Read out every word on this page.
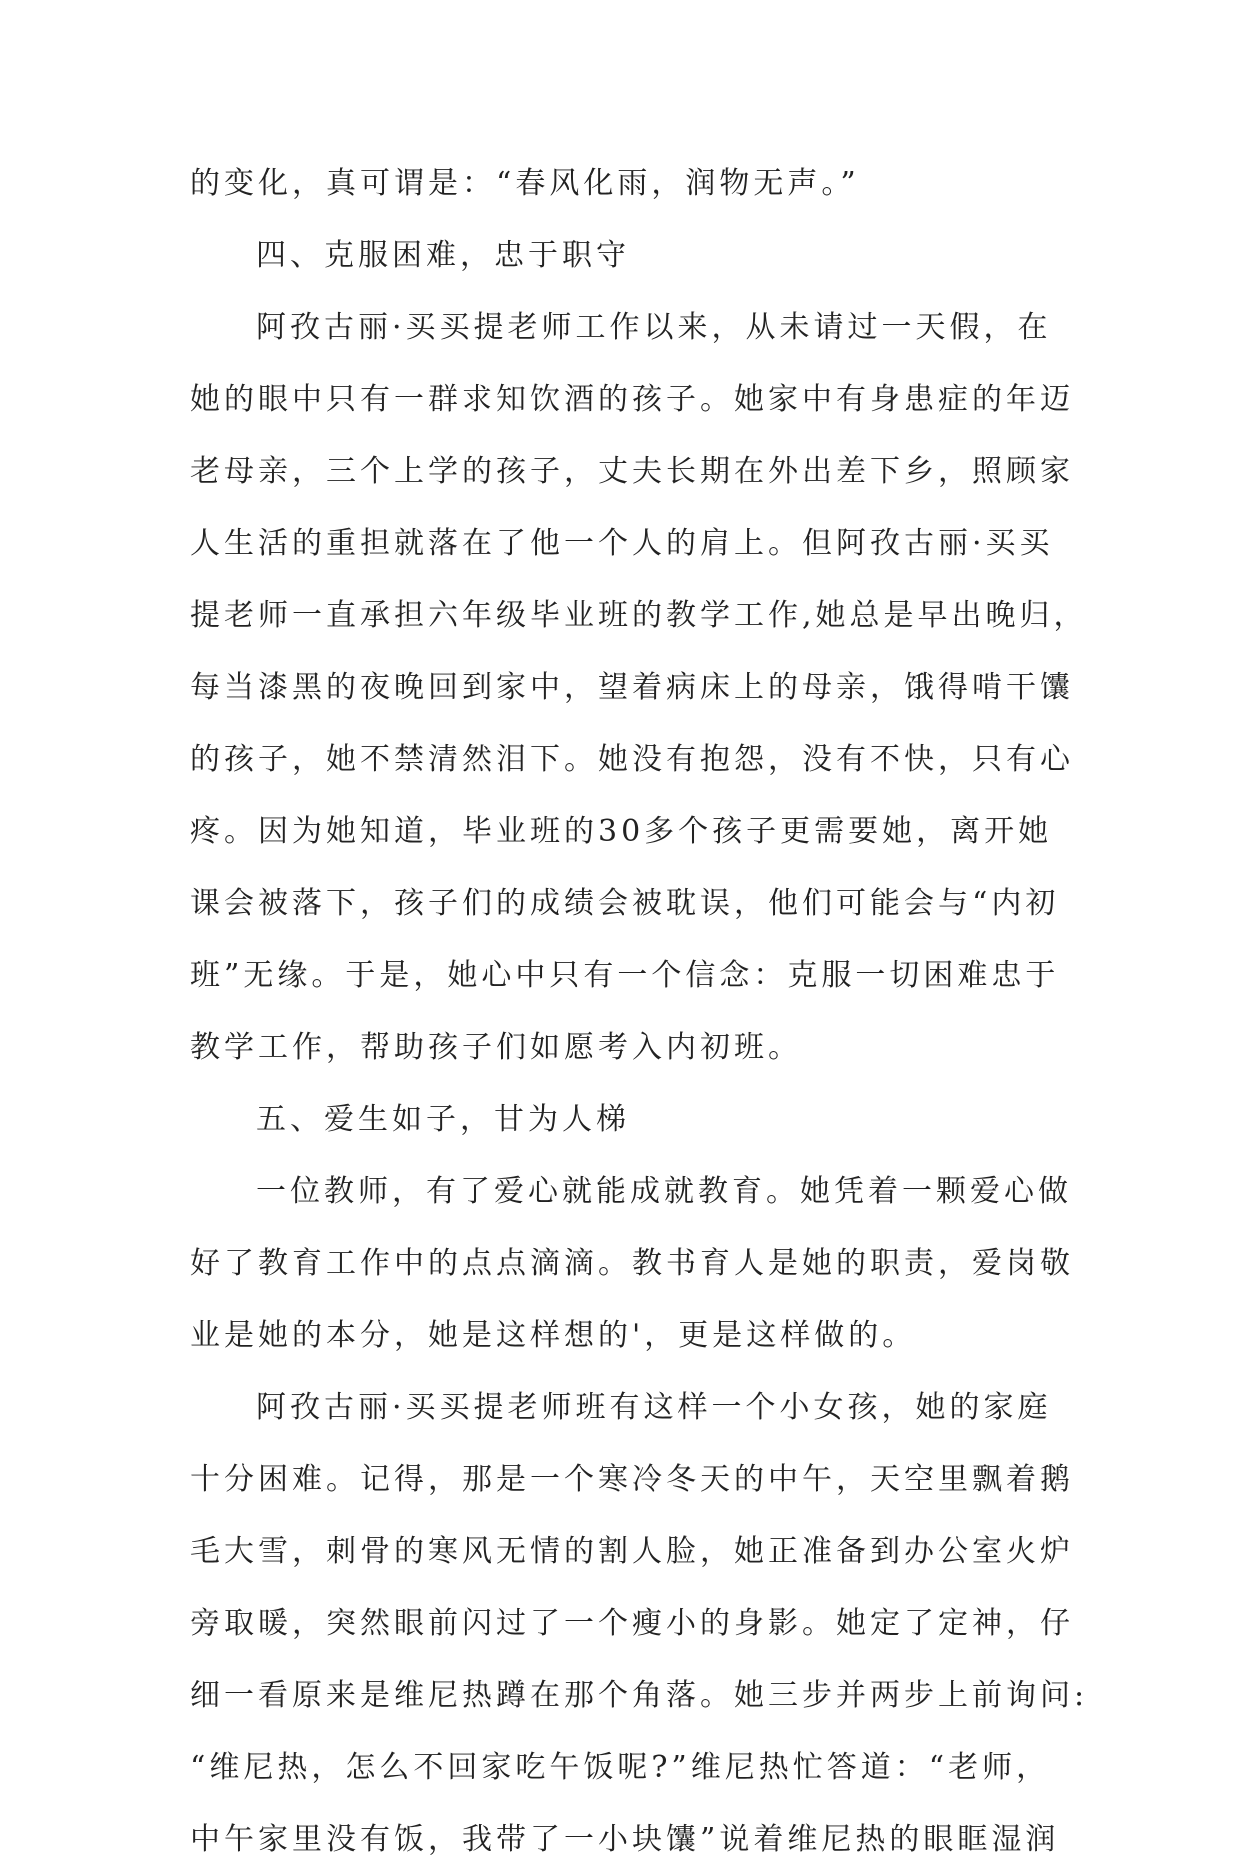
的变化，真可谓是：“春风化雨，润物无声。”
四、克服困难，忠于职守
阿孜古丽·买买提老师工作以来，从未请过一天假，在
她的眼中只有一群求知饮酒的孩子。她家中有身患症的年迈
老母亲，三个上学的孩子，丈夫长期在外出差下乡，照顾家
人生活的重担就落在了他一个人的肩上。但阿孜古丽·买买
提老师一直承担六年级毕业班的教学工作,她总是早出晚归，
每当漆黑的夜晚回到家中，望着病床上的母亲，饿得啃干馕
的孩子，她不禁清然泪下。她没有抱怨，没有不快，只有心
疼。因为她知道，毕业班的30多个孩子更需要她，离开她
课会被落下，孩子们的成绩会被耽误，他们可能会与“内初
班”无缘。于是，她心中只有一个信念：克服一切困难忠于
教学工作，帮助孩子们如愿考入内初班。
五、爱生如子，甘为人梯
一位教师，有了爱心就能成就教育。她凭着一颗爱心做
好了教育工作中的点点滴滴。教书育人是她的职责，爱岗敬
业是她的本分，她是这样想的'，更是这样做的。
阿孜古丽·买买提老师班有这样一个小女孩，她的家庭
十分困难。记得，那是一个寒冷冬天的中午，天空里飘着鹅
毛大雪，刺骨的寒风无情的割人脸，她正准备到办公室火炉
旁取暖，突然眼前闪过了一个瘦小的身影。她定了定神，仔
细一看原来是维尼热蹲在那个角落。她三步并两步上前询问:
“维尼热，怎么不回家吃午饭呢?”维尼热忙答道：“老师，
中午家里没有饭，我带了一小块馕”说着维尼热的眼眶湿润
